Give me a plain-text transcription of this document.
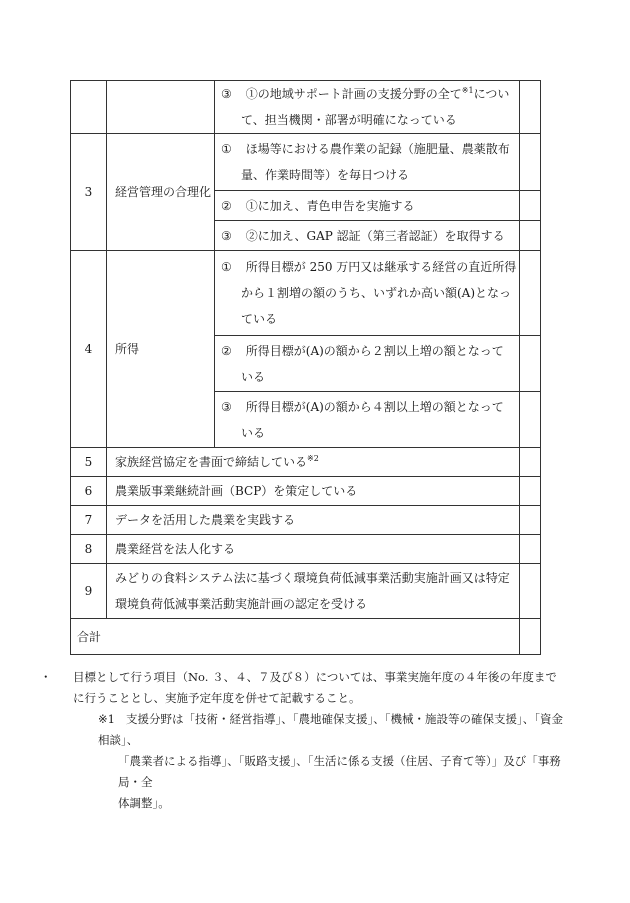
		③ ①の地域サポート計画の支援分野の全て$^{※1}$につい
て、担当機関・部署が明確になっている	

3	経営管理の合理化	① ほ場等における農作業の記録（施肥量、農薬散布
量、作業時間等）を毎日つける	

		② ①に加え、青色申告を実施する	
		③ ②に加え、GAP 認証（第三者認証）を取得する	
4	所得	① 所得目標が 250 万円又は継承する経営の直近所得
から１割増の額のうち、いずれか高い額(A)となっ
ている	

		② 所得目標が(A)の額から２割以上増の額となって
いる	

		③ 所得目標が(A)の額から４割以上増の額となって
いる	

5	家族経営協定を書面で締結している$^{※2}$	
6	農業版事業継続計画（BCP）を策定している		
7	データを活用した農業を実践する		
8	農業経営を法人化する		
9	みどりの食料システム法に基づく環境負荷低減事業活動実施計画又は特定
環境負荷低減事業活動実施計画の認定を受ける		

合計			

・ 目標として行う項目（No. ３、４、７及び８）については、事業実施年度の４年後の年度まで

に行うこととし、実施予定年度を併せて記載すること。

※1 支援分野は「技術・経営指導」、「農地確保支援」、「機械・施設等の確保支援」、「資金相談」、
「農業者による指導」、「販路支援」、「生活に係る支援（住居、子育て等）」及び「事務局・全
体調整」。
